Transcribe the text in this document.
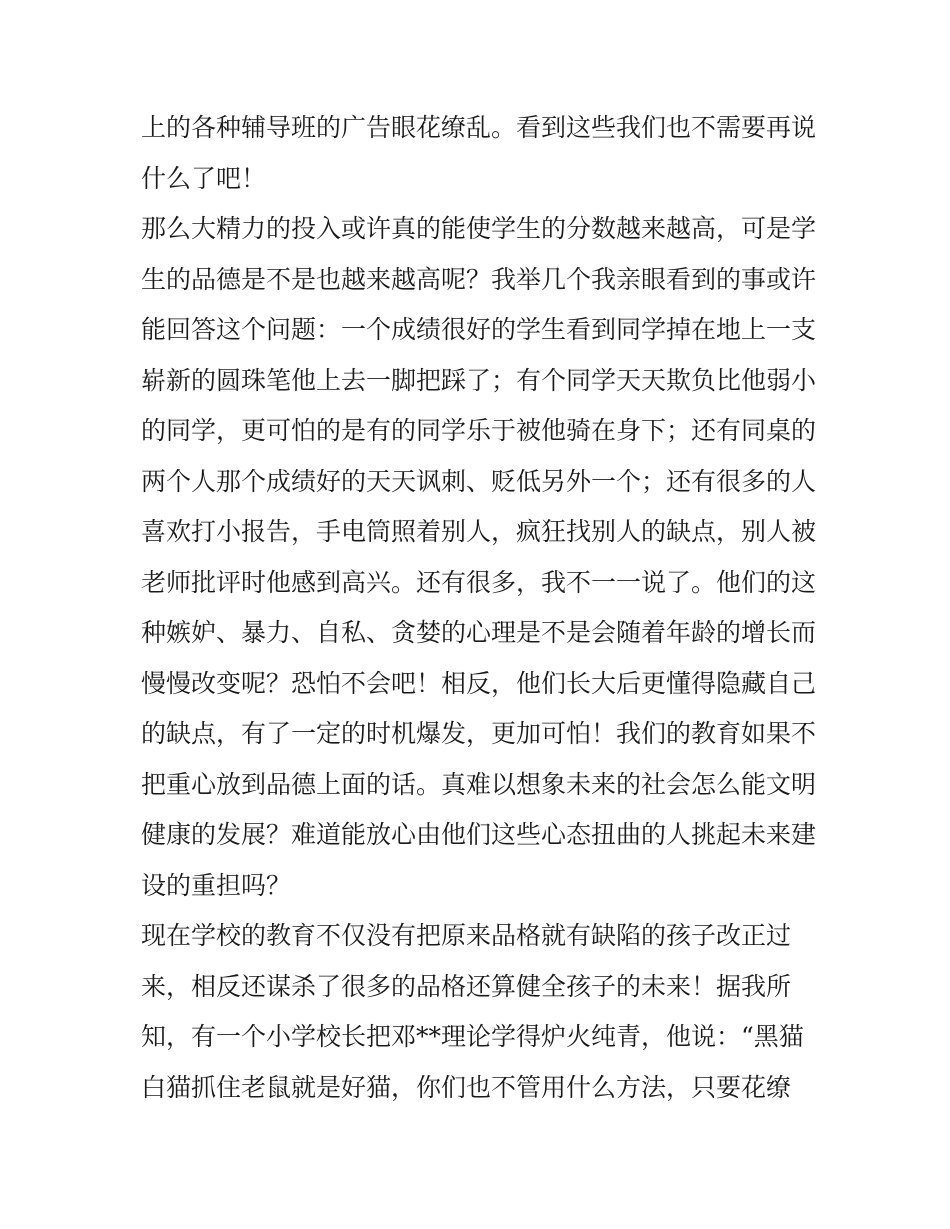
上的各种辅导班的广告眼花缭乱。看到这些我们也不需要再说
什么了吧！
那么大精力的投入或许真的能使学生的分数越来越高，可是学
生的品德是不是也越来越高呢？我举几个我亲眼看到的事或许
能回答这个问题：一个成绩很好的学生看到同学掉在地上一支
崭新的圆珠笔他上去一脚把踩了；有个同学天天欺负比他弱小
的同学，更可怕的是有的同学乐于被他骑在身下；还有同桌的
两个人那个成绩好的天天讽刺、贬低另外一个；还有很多的人
喜欢打小报告，手电筒照着别人，疯狂找别人的缺点，别人被
老师批评时他感到高兴。还有很多，我不一一说了。他们的这
种嫉妒、暴力、自私、贪婪的心理是不是会随着年龄的增长而
慢慢改变呢？恐怕不会吧！相反，他们长大后更懂得隐藏自己
的缺点，有了一定的时机爆发，更加可怕！我们的教育如果不
把重心放到品德上面的话。真难以想象未来的社会怎么能文明
健康的发展？难道能放心由他们这些心态扭曲的人挑起未来建
设的重担吗？
现在学校的教育不仅没有把原来品格就有缺陷的孩子改正过
来，相反还谋杀了很多的品格还算健全孩子的未来！据我所
知，有一个小学校长把邓**理论学得炉火纯青，他说：“黑猫
白猫抓住老鼠就是好猫，你们也不管用什么方法，只要花缭
